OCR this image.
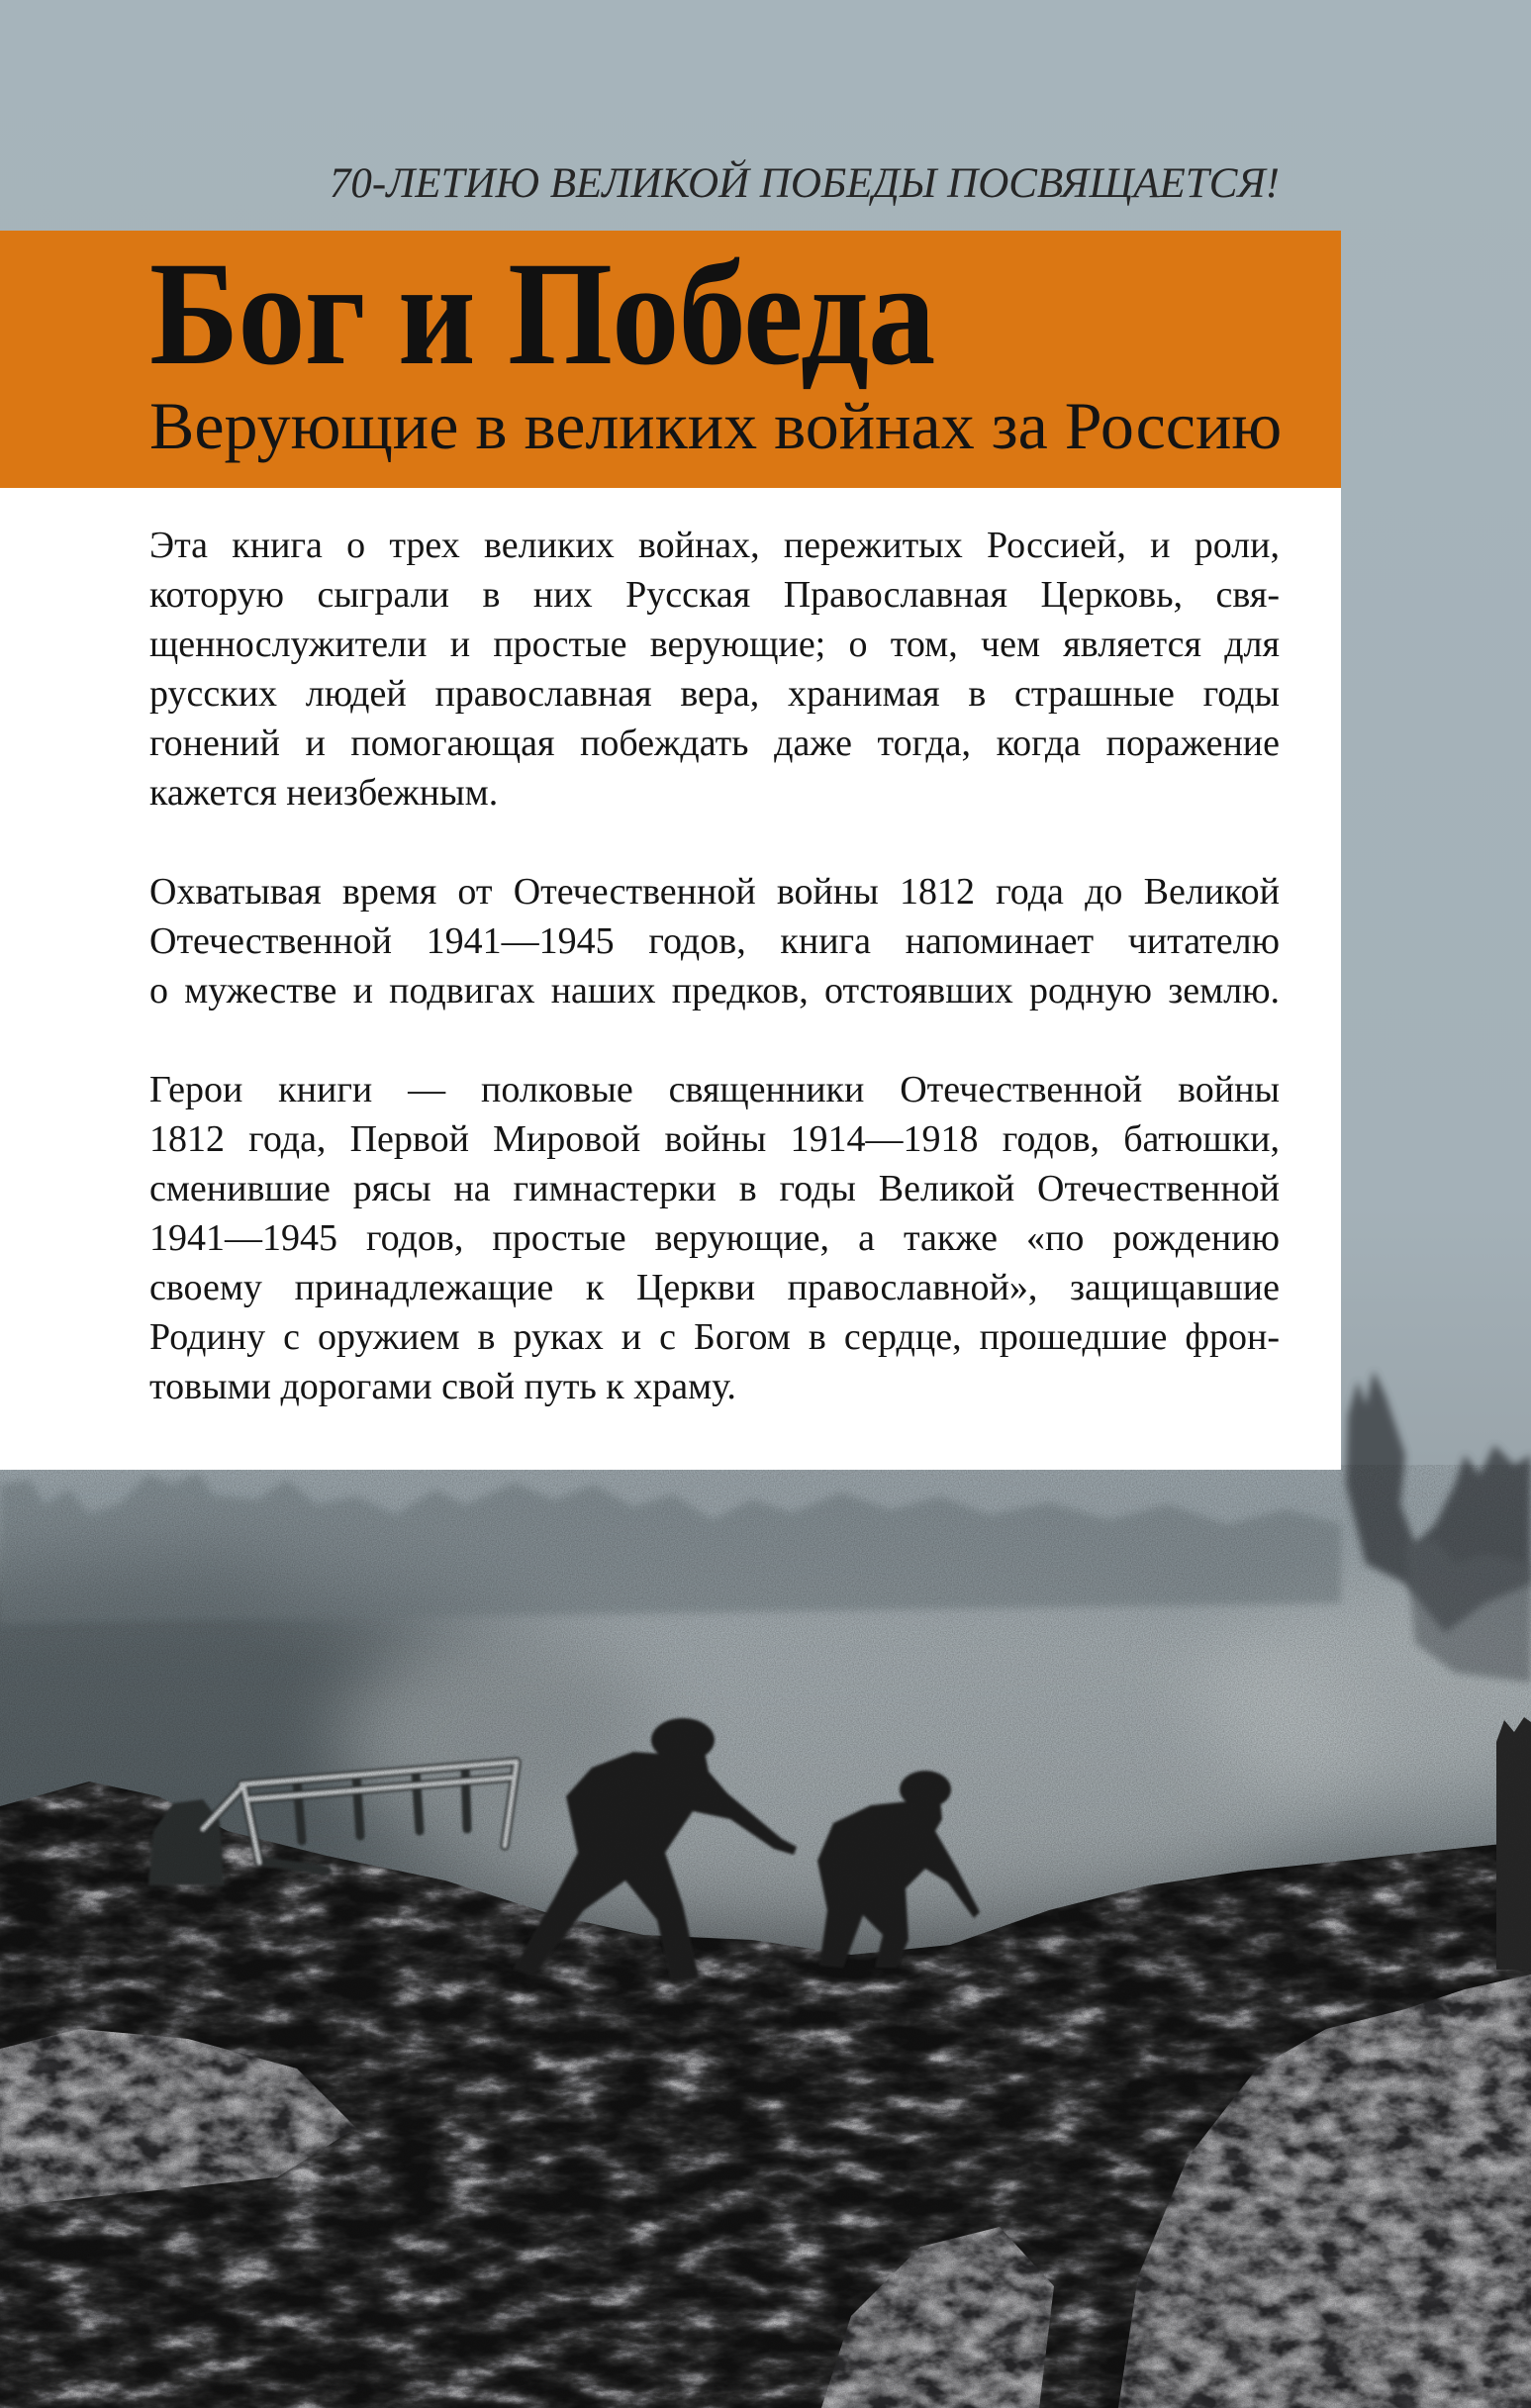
70-ЛЕТИЮ ВЕЛИКОЙ ПОБЕДЫ ПОСВЯЩАЕТСЯ!
Бог и Победа
Верующие в великих войнах за Россию
Эта книга о трех великих войнах, пережитых Россией, и роли,
которую сыграли в них Русская Православная Церковь, свя-
щеннослужители и простые верующие; о том, чем является для
русских людей православная вера, хранимая в страшные годы
гонений и помогающая побеждать даже тогда, когда поражение
кажется неизбежным.
Охватывая время от Отечественной войны 1812 года до Великой
Отечественной 1941—1945 годов, книга напоминает читателю
о мужестве и подвигах наших предков, отстоявших родную землю.
Герои книги — полковые священники Отечественной войны
1812 года, Первой Мировой войны 1914—1918 годов, батюшки,
сменившие рясы на гимнастерки в годы Великой Отечественной
1941—1945 годов, простые верующие, а также «по рождению
своему принадлежащие к Церкви православной», защищавшие
Родину с оружием в руках и с Богом в сердце, прошедшие фрон-
товыми дорогами свой путь к храму.
